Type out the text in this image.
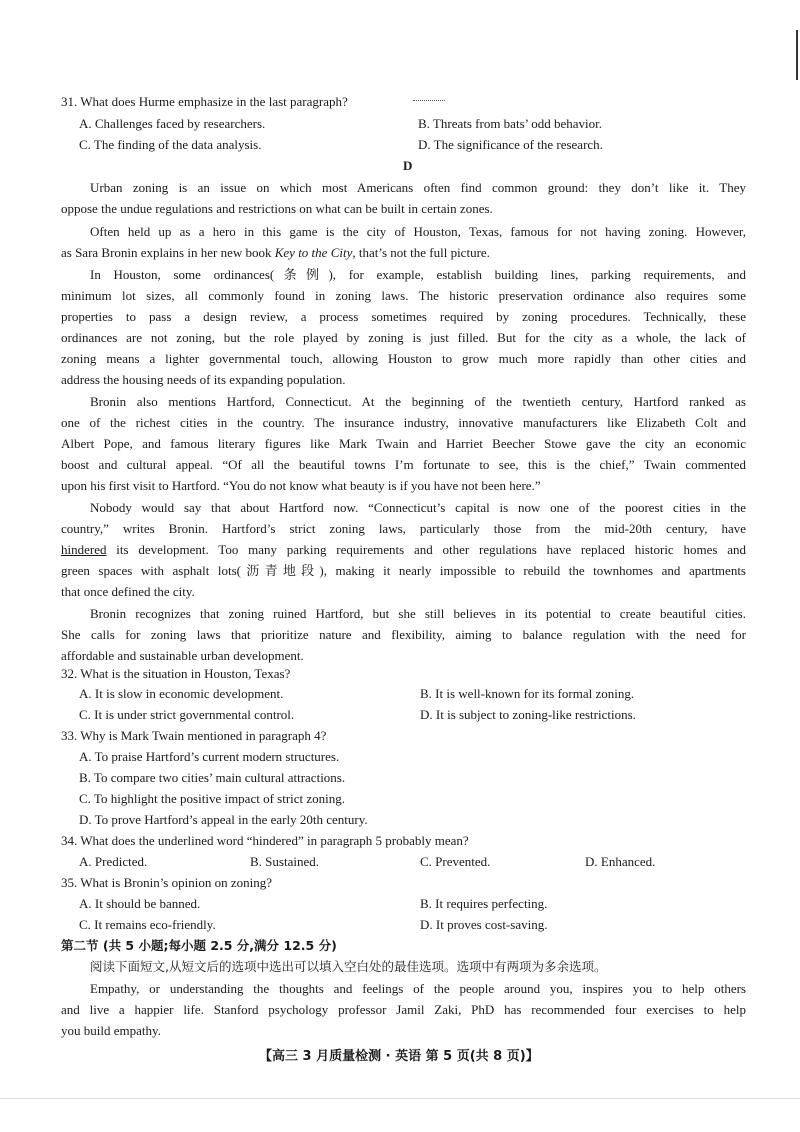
31. What does Hurme emphasize in the last paragraph?
A. Challenges faced by researchers.	B. Threats from bats’ odd behavior.
C. The finding of the data analysis.	D. The significance of the research.
D
Urban zoning is an issue on which most Americans often find common ground: they don’t like it. They
oppose the undue regulations and restrictions on what can be built in certain zones.
Often held up as a hero in this game is the city of Houston, Texas, famous for not having zoning. However,
as Sara Bronin explains in her new book Key to the City, that’s not the full picture.
In Houston, some ordinances(条例), for example, establish building lines, parking requirements, and
minimum lot sizes, all commonly found in zoning laws. The historic preservation ordinance also requires some
properties to pass a design review, a process sometimes required by zoning procedures. Technically, these
ordinances are not zoning, but the role played by zoning is just filled. But for the city as a whole, the lack of
zoning means a lighter governmental touch, allowing Houston to grow much more rapidly than other cities and
address the housing needs of its expanding population.
Bronin also mentions Hartford, Connecticut. At the beginning of the twentieth century, Hartford ranked as
one of the richest cities in the country. The insurance industry, innovative manufacturers like Elizabeth Colt and
Albert Pope, and famous literary figures like Mark Twain and Harriet Beecher Stowe gave the city an economic
boost and cultural appeal. “Of all the beautiful towns I’m fortunate to see, this is the chief,” Twain commented
upon his first visit to Hartford. “You do not know what beauty is if you have not been here.”
Nobody would say that about Hartford now. “Connecticut’s capital is now one of the poorest cities in the
country,” writes Bronin. Hartford’s strict zoning laws, particularly those from the mid-20th century, have
hindered its development. Too many parking requirements and other regulations have replaced historic homes and
green spaces with asphalt lots(沥青地段), making it nearly impossible to rebuild the townhomes and apartments
that once defined the city.
Bronin recognizes that zoning ruined Hartford, but she still believes in its potential to create beautiful cities.
She calls for zoning laws that prioritize nature and flexibility, aiming to balance regulation with the need for
affordable and sustainable urban development.
32. What is the situation in Houston, Texas?
A. It is slow in economic development.	B. It is well-known for its formal zoning.
C. It is under strict governmental control.	D. It is subject to zoning-like restrictions.
33. Why is Mark Twain mentioned in paragraph 4?
A. To praise Hartford’s current modern structures.
B. To compare two cities’ main cultural attractions.
C. To highlight the positive impact of strict zoning.
D. To prove Hartford’s appeal in the early 20th century.
34. What does the underlined word “hindered” in paragraph 5 probably mean?
A. Predicted.	B. Sustained.	C. Prevented.	D. Enhanced.
35. What is Bronin’s opinion on zoning?
A. It should be banned.	B. It requires perfecting.
C. It remains eco-friendly.	D. It proves cost-saving.
第二节 (共 5 小题;每小题 2.5 分,满分 12.5 分)
阅读下面短文,从短文后的选项中选出可以填入空白处的最佳选项。选项中有两项为多余选项。
Empathy, or understanding the thoughts and feelings of the people around you, inspires you to help others
and live a happier life. Stanford psychology professor Jamil Zaki, PhD has recommended four exercises to help
you build empathy.
【高三 3 月质量检测 · 英语 第 5 页(共 8 页)】
